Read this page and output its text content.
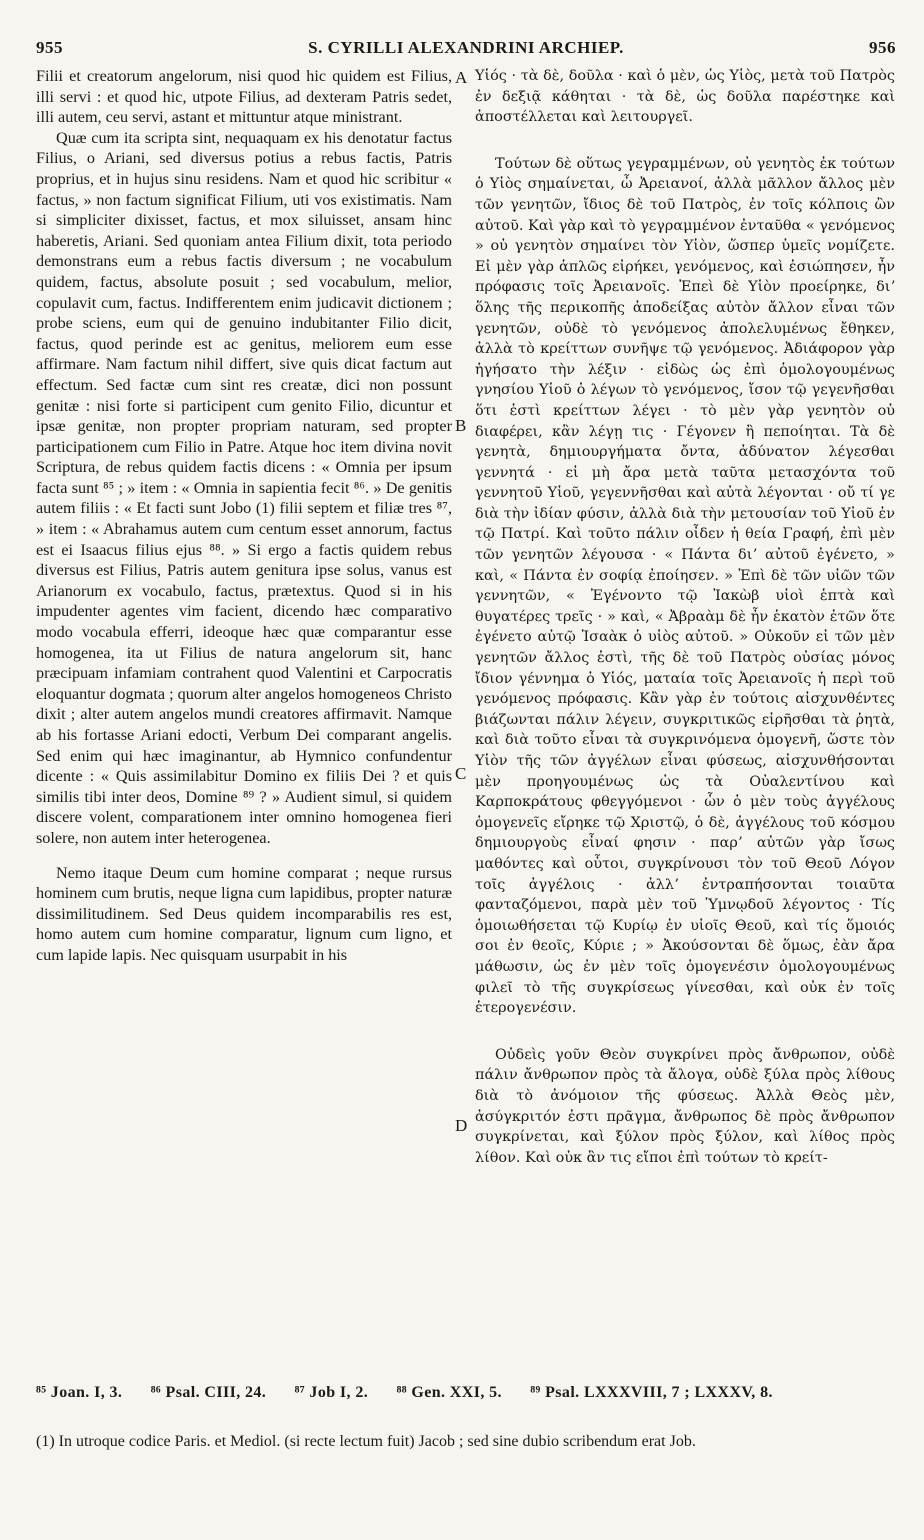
955	S. CYRILLI ALEXANDRINI ARCHIEP.	956

Filii et creatorum angelorum, nisi quod hic quidem est Filius, illi servi : et quod hic, utpote Filius, ad dexteram Patris sedet, illi autem, ceu servi, astant et mittuntur atque ministrant.

Quæ cum ita scripta sint, nequaquam ex his denotatur factus Filius, o Ariani, sed diversus potius a rebus factis, Patris proprius, et in hujus sinu residens. Nam et quod hic scribitur « factus, » non factum significat Filium, uti vos existimatis. Nam si simpliciter dixisset, factus, et mox siluisset, ansam hinc haberetis, Ariani. Sed quoniam antea Filium dixit, tota periodo demonstrans eum a rebus factis diversum ; ne vocabulum quidem, factus, absolute posuit ; sed vocabulum, melior, copulavit cum, factus. Indifferentem enim judicavit dictionem ; probe sciens, eum qui de genuino indubitanter Filio dicit, factus, quod perinde est ac genitus, meliorem eum esse affirmare. Nam factum nihil differt, sive quis dicat factum aut effectum. Sed factæ cum sint res creatæ, dici non possunt genitæ : nisi forte si participent cum genito Filio, dicuntur et ipsæ genitæ, non propter propriam naturam, sed propter participationem cum Filio in Patre. Atque hoc item divina novit Scriptura, de rebus quidem factis dicens : « Omnia per ipsum facta sunt ⁸⁵ ; » item : « Omnia in sapientia fecit ⁸⁶. » De genitis autem filiis : « Et facti sunt Jobo (1) filii septem et filiæ tres ⁸⁷, » item : « Abrahamus autem cum centum esset annorum, factus est ei Isaacus filius ejus ⁸⁸. » Si ergo a factis quidem rebus diversus est Filius, Patris autem genitura ipse solus, vanus est Arianorum ex vocabulo, factus, prætextus. Quod si in his impudenter agentes vim facient, dicendo hæc comparativo modo vocabula efferri, ideoque hæc quæ comparantur esse homogenea, ita ut Filius de natura angelorum sit, hanc præcipuam infamiam contrahent quod Valentini et Carpocratis eloquantur dogmata ; quorum alter angelos homogeneos Christo dixit ; alter autem angelos mundi creatores affirmavit. Namque ab his fortasse Ariani edocti, Verbum Dei comparant angelis. Sed enim qui hæc imaginantur, ab Hymnico confundentur dicente : « Quis assimilabitur Domino ex filiis Dei ? et quis similis tibi inter deos, Domine ⁸⁹ ? » Audient simul, si quidem discere volent, comparationem inter omnino homogenea fieri solere, non autem inter heterogenea.

Nemo itaque Deum cum homine comparat ; neque rursus hominem cum brutis, neque ligna cum lapidibus, propter naturæ dissimilitudinem. Sed Deus quidem incomparabilis res est, homo autem cum homine comparatur, lignum cum ligno, et cum lapide lapis. Nec quisquam usurpabit in his

A
B
C
D

Υἱός · τὰ δὲ, δοῦλα · καὶ ὁ μὲν, ὡς Υἱὸς, μετὰ τοῦ Πατρὸς ἐν δεξιᾷ κάθηται · τὰ δὲ, ὡς δοῦλα παρέστηκε καὶ ἀποστέλλεται καὶ λειτουργεῖ.

Τούτων δὲ οὕτως γεγραμμένων, οὐ γενητὸς ἐκ τούτων ὁ Υἱὸς σημαίνεται, ὦ Ἀρειανοί, ἀλλὰ μᾶλλον ἄλλος μὲν τῶν γενητῶν, ἴδιος δὲ τοῦ Πατρὸς, ἐν τοῖς κόλποις ὢν αὐτοῦ. Καὶ γὰρ καὶ τὸ γεγραμμένον ἐνταῦθα « γενόμενος » οὐ γενητὸν σημαίνει τὸν Υἱὸν, ὥσπερ ὑμεῖς νομίζετε. Εἰ μὲν γὰρ ἁπλῶς εἰρήκει, γενόμενος, καὶ ἐσιώπησεν, ἦν πρόφασις τοῖς Ἀρειανοῖς. Ἐπεὶ δὲ Υἱὸν προείρηκε, διʼ ὅλης τῆς περικοπῆς ἀποδείξας αὐτὸν ἄλλον εἶναι τῶν γενητῶν, οὐδὲ τὸ γενόμενος ἀπολελυμένως ἔθηκεν, ἀλλὰ τὸ κρείττων συνῆψε τῷ γενόμενος. Ἀδιάφορον γὰρ ἡγήσατο τὴν λέξιν · εἰδὼς ὡς ἐπὶ ὁμολογουμένως γνησίου Υἱοῦ ὁ λέγων τὸ γενόμενος, ἴσον τῷ γεγενῆσθαι ὅτι ἐστὶ κρείττων λέγει · τὸ μὲν γὰρ γενητὸν οὐ διαφέρει, κἂν λέγῃ τις · Γέγονεν ἢ πεποίηται. Τὰ δὲ γενητὰ, δημιουργήματα ὄντα, ἀδύνατον λέγεσθαι γεννητά · εἰ μὴ ἄρα μετὰ ταῦτα μετασχόντα τοῦ γεννητοῦ Υἱοῦ, γεγεννῆσθαι καὶ αὐτὰ λέγονται · οὔ τί γε διὰ τὴν ἰδίαν φύσιν, ἀλλὰ διὰ τὴν μετουσίαν τοῦ Υἱοῦ ἐν τῷ Πατρί. Καὶ τοῦτο πάλιν οἶδεν ἡ θεία Γραφή, ἐπὶ μὲν τῶν γενητῶν λέγουσα · « Πάντα διʼ αὐτοῦ ἐγένετο, » καὶ, « Πάντα ἐν σοφίᾳ ἐποίησεν. » Ἐπὶ δὲ τῶν υἱῶν τῶν γεννητῶν, « Ἐγένοντο τῷ Ἰακὼβ υἱοὶ ἑπτὰ καὶ θυγατέρες τρεῖς · » καὶ, « Ἀβραὰμ δὲ ἦν ἑκατὸν ἐτῶν ὅτε ἐγένετο αὐτῷ Ἰσαὰκ ὁ υἱὸς αὐτοῦ. » Οὐκοῦν εἰ τῶν μὲν γενητῶν ἄλλος ἐστὶ, τῆς δὲ τοῦ Πατρὸς οὐσίας μόνος ἴδιον γέννημα ὁ Υἱός, ματαία τοῖς Ἀρειανοῖς ἡ περὶ τοῦ γενόμενος πρόφασις. Κἂν γὰρ ἐν τούτοις αἰσχυνθέντες βιάζωνται πάλιν λέγειν, συγκριτικῶς εἰρῆσθαι τὰ ῥητὰ, καὶ διὰ τοῦτο εἶναι τὰ συγκρινόμενα ὁμογενῆ, ὥστε τὸν Υἱὸν τῆς τῶν ἀγγέλων εἶναι φύσεως, αἰσχυνθήσονται μὲν προηγουμένως ὡς τὰ Οὐαλεντίνου καὶ Καρποκράτους φθεγγόμενοι · ὧν ὁ μὲν τοὺς ἀγγέλους ὁμογενεῖς εἴρηκε τῷ Χριστῷ, ὁ δὲ, ἀγγέλους τοῦ κόσμου δημιουργοὺς εἶναί φησιν · παρʼ αὐτῶν γὰρ ἴσως μαθόντες καὶ οὗτοι, συγκρίνουσι τὸν τοῦ Θεοῦ Λόγον τοῖς ἀγγέλοις · ἀλλʼ ἐντραπήσονται τοιαῦτα φανταζόμενοι, παρὰ μὲν τοῦ Ὑμνῳδοῦ λέγοντος · Τίς ὁμοιωθήσεται τῷ Κυρίῳ ἐν υἱοῖς Θεοῦ, καὶ τίς ὅμοιός σοι ἐν θεοῖς, Κύριε ; » Ἀκούσονται δὲ ὅμως, ἐὰν ἄρα μάθωσιν, ὡς ἐν μὲν τοῖς ὁμογενέσιν ὁμολογουμένως φιλεῖ τὸ τῆς συγκρίσεως γίνεσθαι, καὶ οὐκ ἐν τοῖς ἑτερογενέσιν.

Οὐδεὶς γοῦν Θεὸν συγκρίνει πρὸς ἄνθρωπον, οὐδὲ πάλιν ἄνθρωπον πρὸς τὰ ἄλογα, οὐδὲ ξύλα πρὸς λίθους διὰ τὸ ἀνόμοιον τῆς φύσεως. Ἀλλὰ Θεὸς μὲν, ἀσύγκριτόν ἐστι πρᾶγμα, ἄνθρωπος δὲ πρὸς ἄνθρωπον συγκρίνεται, καὶ ξύλον πρὸς ξύλον, καὶ λίθος πρὸς λίθον. Καὶ οὐκ ἂν τις εἴποι ἐπὶ τούτων τὸ κρείτ-

⁸⁵ Joan. I, 3. ⁸⁶ Psal. CIII, 24. ⁸⁷ Job I, 2. ⁸⁸ Gen. XXI, 5. ⁸⁹ Psal. LXXXVIII, 7 ; LXXXV, 8.
(1) In utroque codice Paris. et Mediol. (si recte lectum fuit) Jacob ; sed sine dubio scribendum erat Job.
